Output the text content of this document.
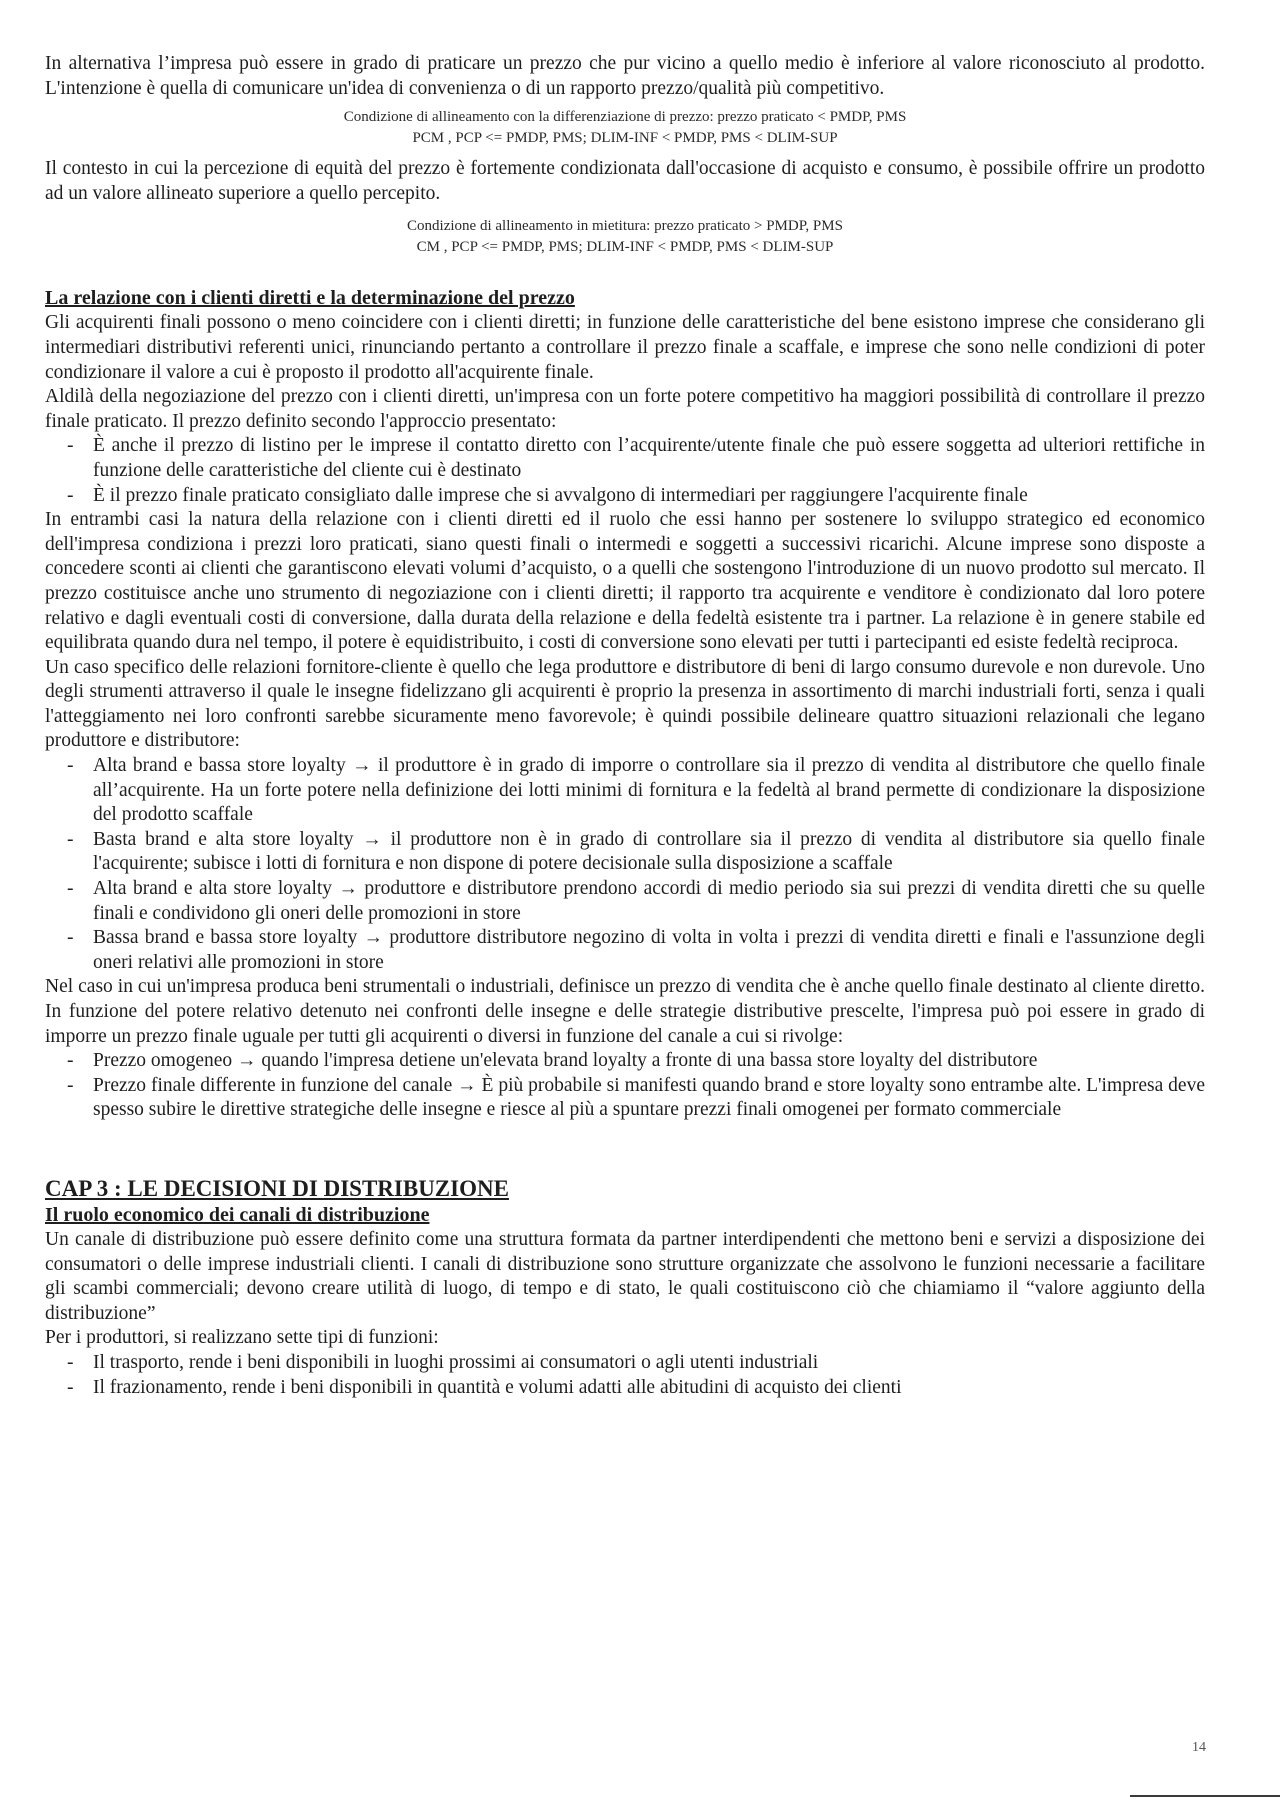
In alternativa l’impresa può essere in grado di praticare un prezzo che pur vicino a quello medio è inferiore al valore riconosciuto al prodotto. L'intenzione è quella di comunicare un'idea di convenienza o di un rapporto prezzo/qualità più competitivo.

Condizione di allineamento con la differenziazione di prezzo: prezzo praticato < PMDP, PMS

PCM , PCP <= PMDP, PMS; DLIM-INF < PMDP, PMS < DLIM-SUP

Il contesto in cui la percezione di equità del prezzo è fortemente condizionata dall'occasione di acquisto e consumo, è possibile offrire un prodotto ad un valore allineato superiore a quello percepito.

Condizione di allineamento in mietitura: prezzo praticato > PMDP, PMS

CM , PCP <= PMDP, PMS; DLIM-INF < PMDP, PMS < DLIM-SUP

La relazione con i clienti diretti e la determinazione del prezzo

Gli acquirenti finali possono o meno coincidere con i clienti diretti; in funzione delle caratteristiche del bene esistono imprese che considerano gli intermediari distributivi referenti unici, rinunciando pertanto a controllare il prezzo finale a scaffale, e imprese che sono nelle condizioni di poter condizionare il valore a cui è proposto il prodotto all'acquirente finale.

Aldilà della negoziazione del prezzo con i clienti diretti, un'impresa con un forte potere competitivo ha maggiori possibilità di controllare il prezzo finale praticato. Il prezzo definito secondo l'approccio presentato:

- È anche il prezzo di listino per le imprese il contatto diretto con l’acquirente/utente finale che può essere soggetta ad ulteriori rettifiche in funzione delle caratteristiche del cliente cui è destinato
- È il prezzo finale praticato consigliato dalle imprese che si avvalgono di intermediari per raggiungere l'acquirente finale

In entrambi casi la natura della relazione con i clienti diretti ed il ruolo che essi hanno per sostenere lo sviluppo strategico ed economico dell'impresa condiziona i prezzi loro praticati, siano questi finali o intermedi e soggetti a successivi ricarichi. Alcune imprese sono disposte a concedere sconti ai clienti che garantiscono elevati volumi d’acquisto, o a quelli che sostengono l'introduzione di un nuovo prodotto sul mercato. Il prezzo costituisce anche uno strumento di negoziazione con i clienti diretti; il rapporto tra acquirente e venditore è condizionato dal loro potere relativo e dagli eventuali costi di conversione, dalla durata della relazione e della fedeltà esistente tra i partner. La relazione è in genere stabile ed equilibrata quando dura nel tempo, il potere è equidistribuito, i costi di conversione sono elevati per tutti i partecipanti ed esiste fedeltà reciproca.

Un caso specifico delle relazioni fornitore-cliente è quello che lega produttore e distributore di beni di largo consumo durevole e non durevole. Uno degli strumenti attraverso il quale le insegne fidelizzano gli acquirenti è proprio la presenza in assortimento di marchi industriali forti, senza i quali l'atteggiamento nei loro confronti sarebbe sicuramente meno favorevole; è quindi possibile delineare quattro situazioni relazionali che legano produttore e distributore:

- Alta brand e bassa store loyalty → il produttore è in grado di imporre o controllare sia il prezzo di vendita al distributore che quello finale all’acquirente. Ha un forte potere nella definizione dei lotti minimi di fornitura e la fedeltà al brand permette di condizionare la disposizione del prodotto scaffale
- Basta brand e alta store loyalty → il produttore non è in grado di controllare sia il prezzo di vendita al distributore sia quello finale l'acquirente; subisce i lotti di fornitura e non dispone di potere decisionale sulla disposizione a scaffale
- Alta brand e alta store loyalty → produttore e distributore prendono accordi di medio periodo sia sui prezzi di vendita diretti che su quelle finali e condividono gli oneri delle promozioni in store
- Bassa brand e bassa store loyalty → produttore distributore negozino di volta in volta i prezzi di vendita diretti e finali e l'assunzione degli oneri relativi alle promozioni in store

Nel caso in cui un'impresa produca beni strumentali o industriali, definisce un prezzo di vendita che è anche quello finale destinato al cliente diretto. In funzione del potere relativo detenuto nei confronti delle insegne e delle strategie distributive prescelte, l'impresa può poi essere in grado di imporre un prezzo finale uguale per tutti gli acquirenti o diversi in funzione del canale a cui si rivolge:

- Prezzo omogeneo → quando l'impresa detiene un'elevata brand loyalty a fronte di una bassa store loyalty del distributore
- Prezzo finale differente in funzione del canale → È più probabile si manifesti quando brand e store loyalty sono entrambe alte. L'impresa deve spesso subire le direttive strategiche delle insegne e riesce al più a spuntare prezzi finali omogenei per formato commerciale
CAP 3 : LE DECISIONI DI DISTRIBUZIONE
Il ruolo economico dei canali di distribuzione

Un canale di distribuzione può essere definito come una struttura formata da partner interdipendenti che mettono beni e servizi a disposizione dei consumatori o delle imprese industriali clienti. I canali di distribuzione sono strutture organizzate che assolvono le funzioni necessarie a facilitare gli scambi commerciali; devono creare utilità di luogo, di tempo e di stato, le quali costituiscono ciò che chiamiamo il “valore aggiunto della distribuzione”

Per i produttori, si realizzano sette tipi di funzioni:

- Il trasporto, rende i beni disponibili in luoghi prossimi ai consumatori o agli utenti industriali
- Il frazionamento, rende i beni disponibili in quantità e volumi adatti alle abitudini di acquisto dei clienti
14
